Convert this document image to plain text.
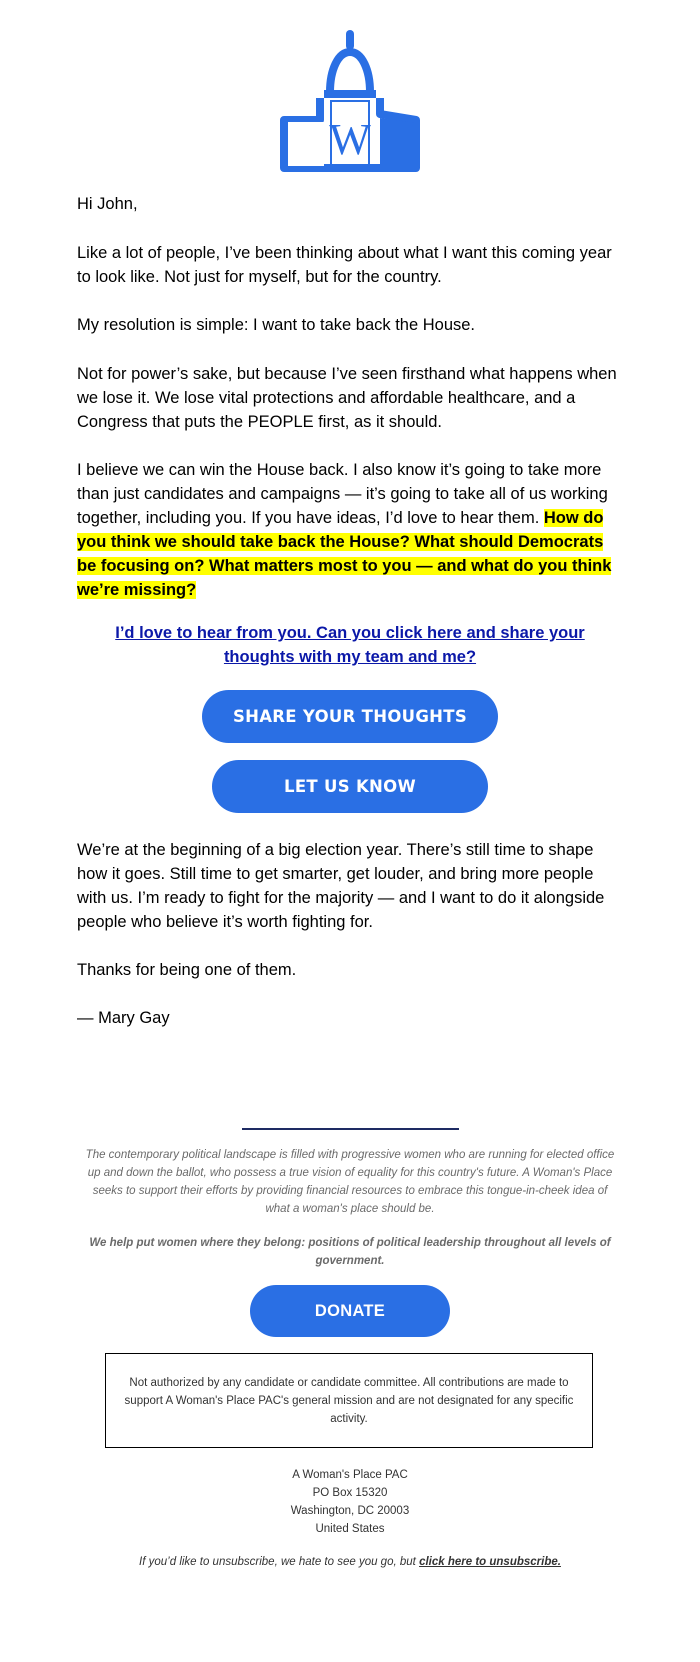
W

Hi John,

Like a lot of people, I’ve been thinking about what I want this coming year to look like. Not just for myself, but for the country.

My resolution is simple: I want to take back the House.

Not for power’s sake, but because I’ve seen firsthand what happens when we lose it. We lose vital protections and affordable healthcare, and a Congress that puts the PEOPLE first, as it should.

I believe we can win the House back. I also know it’s going to take more than just candidates and campaigns — it’s going to take all of us working together, including you. If you have ideas, I’d love to hear them. How do you think we should take back the House? What should Democrats be focusing on? What matters most to you — and what do you think we’re missing?

I’d love to hear from you. Can you click here and share your thoughts with my team and me?
SHARE YOUR THOUGHTS
LET US KNOW

We’re at the beginning of a big election year. There’s still time to shape how it goes. Still time to get smarter, get louder, and bring more people with us. I’m ready to fight for the majority — and I want to do it alongside people who believe it’s worth fighting for.

Thanks for being one of them.

— Mary Gay

The contemporary political landscape is filled with progressive women who are running for elected office up and down the ballot, who possess a true vision of equality for this country's future. A Woman's Place seeks to support their efforts by providing financial resources to embrace this tongue-in-cheek idea of what a woman's place should be.
We help put women where they belong: positions of political leadership throughout all levels of government.
DONATE
Not authorized by any candidate or candidate committee. All contributions are made to support A Woman's Place PAC's general mission and are not designated for any specific activity.
A Woman's Place PAC
PO Box 15320
Washington, DC 20003
United States
If you’d like to unsubscribe, we hate to see you go, but click here to unsubscribe.
